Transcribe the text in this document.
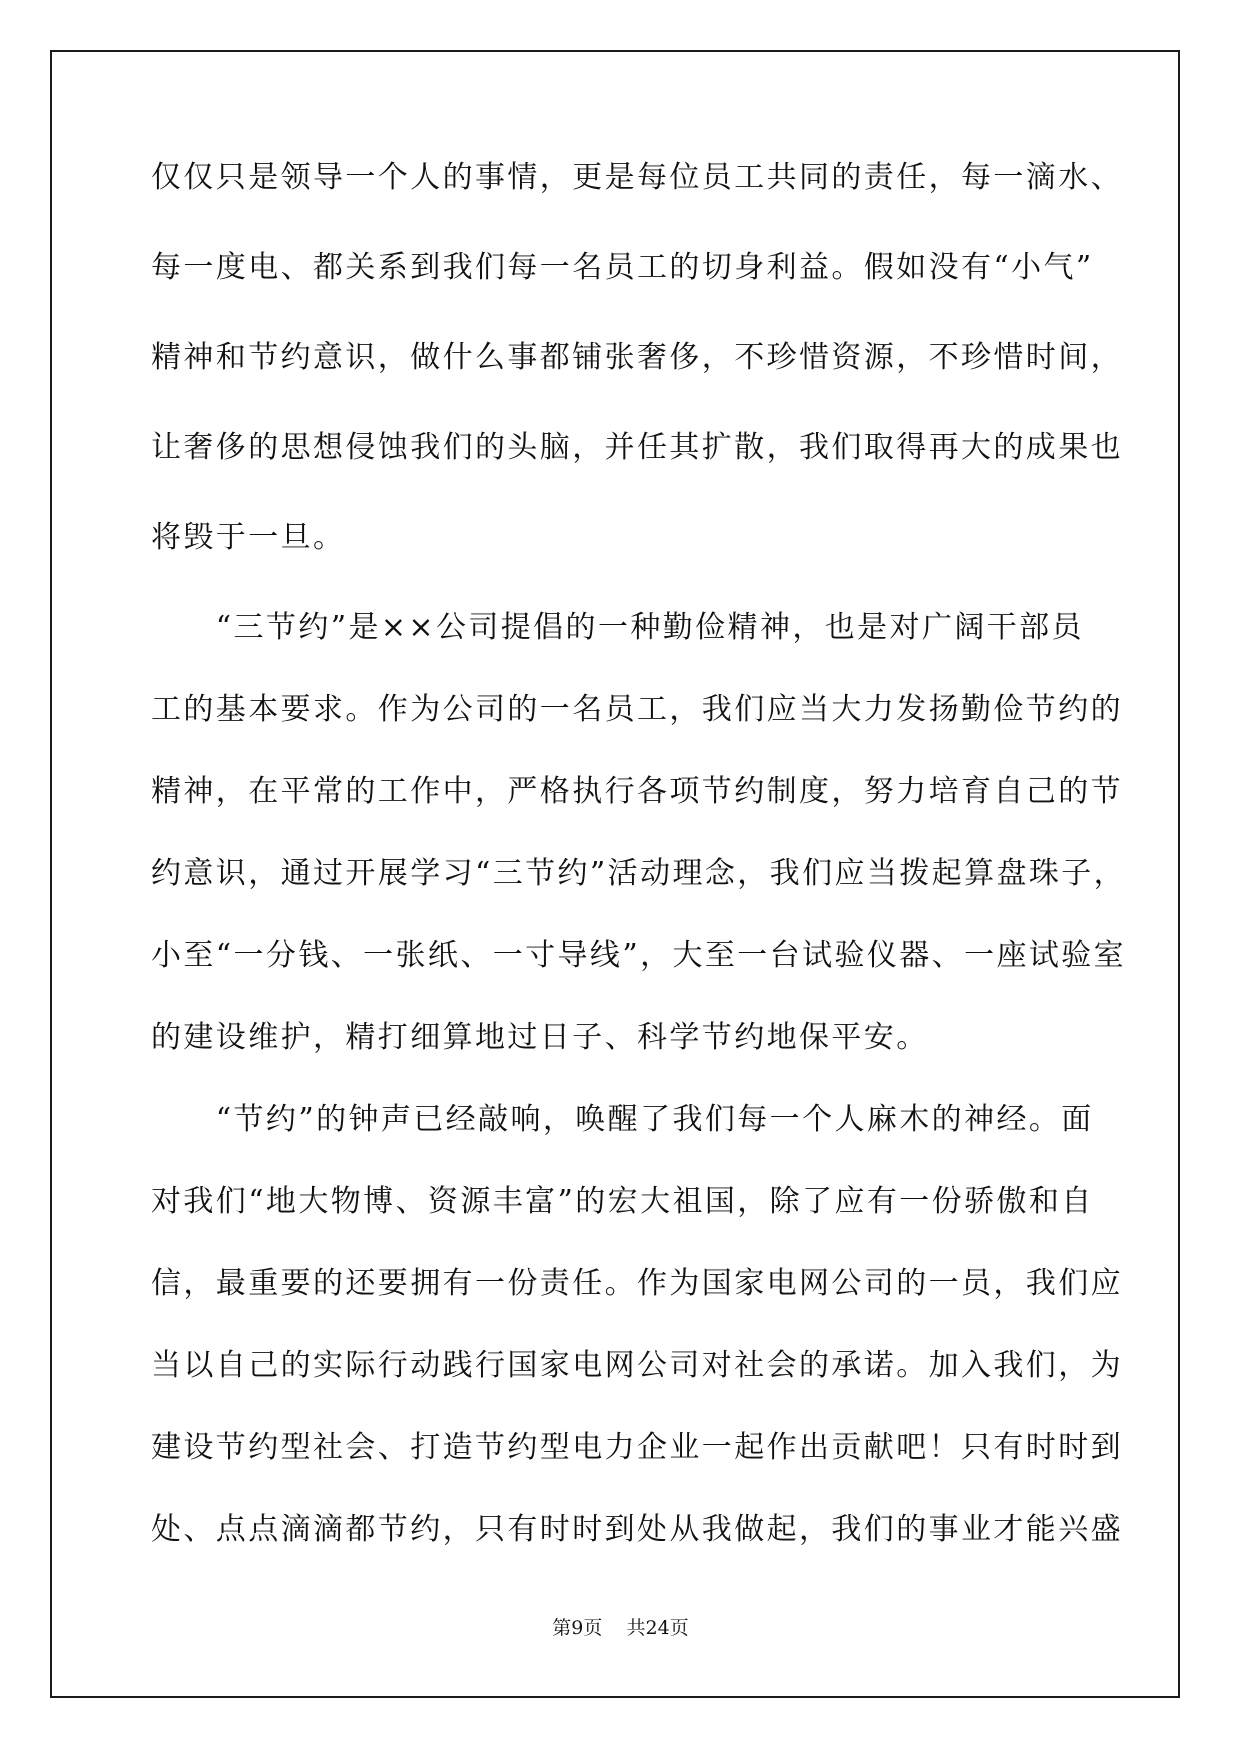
仅仅只是领导一个人的事情，更是每位员工共同的责任，每一滴水、
每一度电、都关系到我们每一名员工的切身利益。假如没有“小气”
精神和节约意识，做什么事都铺张奢侈，不珍惜资源，不珍惜时间，
让奢侈的思想侵蚀我们的头脑，并任其扩散，我们取得再大的成果也
将毁于一旦。
　　“三节约”是××公司提倡的一种勤俭精神，也是对广阔干部员
工的基本要求。作为公司的一名员工，我们应当大力发扬勤俭节约的
精神，在平常的工作中，严格执行各项节约制度，努力培育自己的节
约意识，通过开展学习“三节约”活动理念，我们应当拨起算盘珠子，
小至“一分钱、一张纸、一寸导线”，大至一台试验仪器、一座试验室
的建设维护，精打细算地过日子、科学节约地保平安。
　　“节约”的钟声已经敲响，唤醒了我们每一个人麻木的神经。面
对我们“地大物博、资源丰富”的宏大祖国，除了应有一份骄傲和自
信，最重要的还要拥有一份责任。作为国家电网公司的一员，我们应
当以自己的实际行动践行国家电网公司对社会的承诺。加入我们，为
建设节约型社会、打造节约型电力企业一起作出贡献吧！只有时时到
处、点点滴滴都节约，只有时时到处从我做起，我们的事业才能兴盛
第9页 共24页
